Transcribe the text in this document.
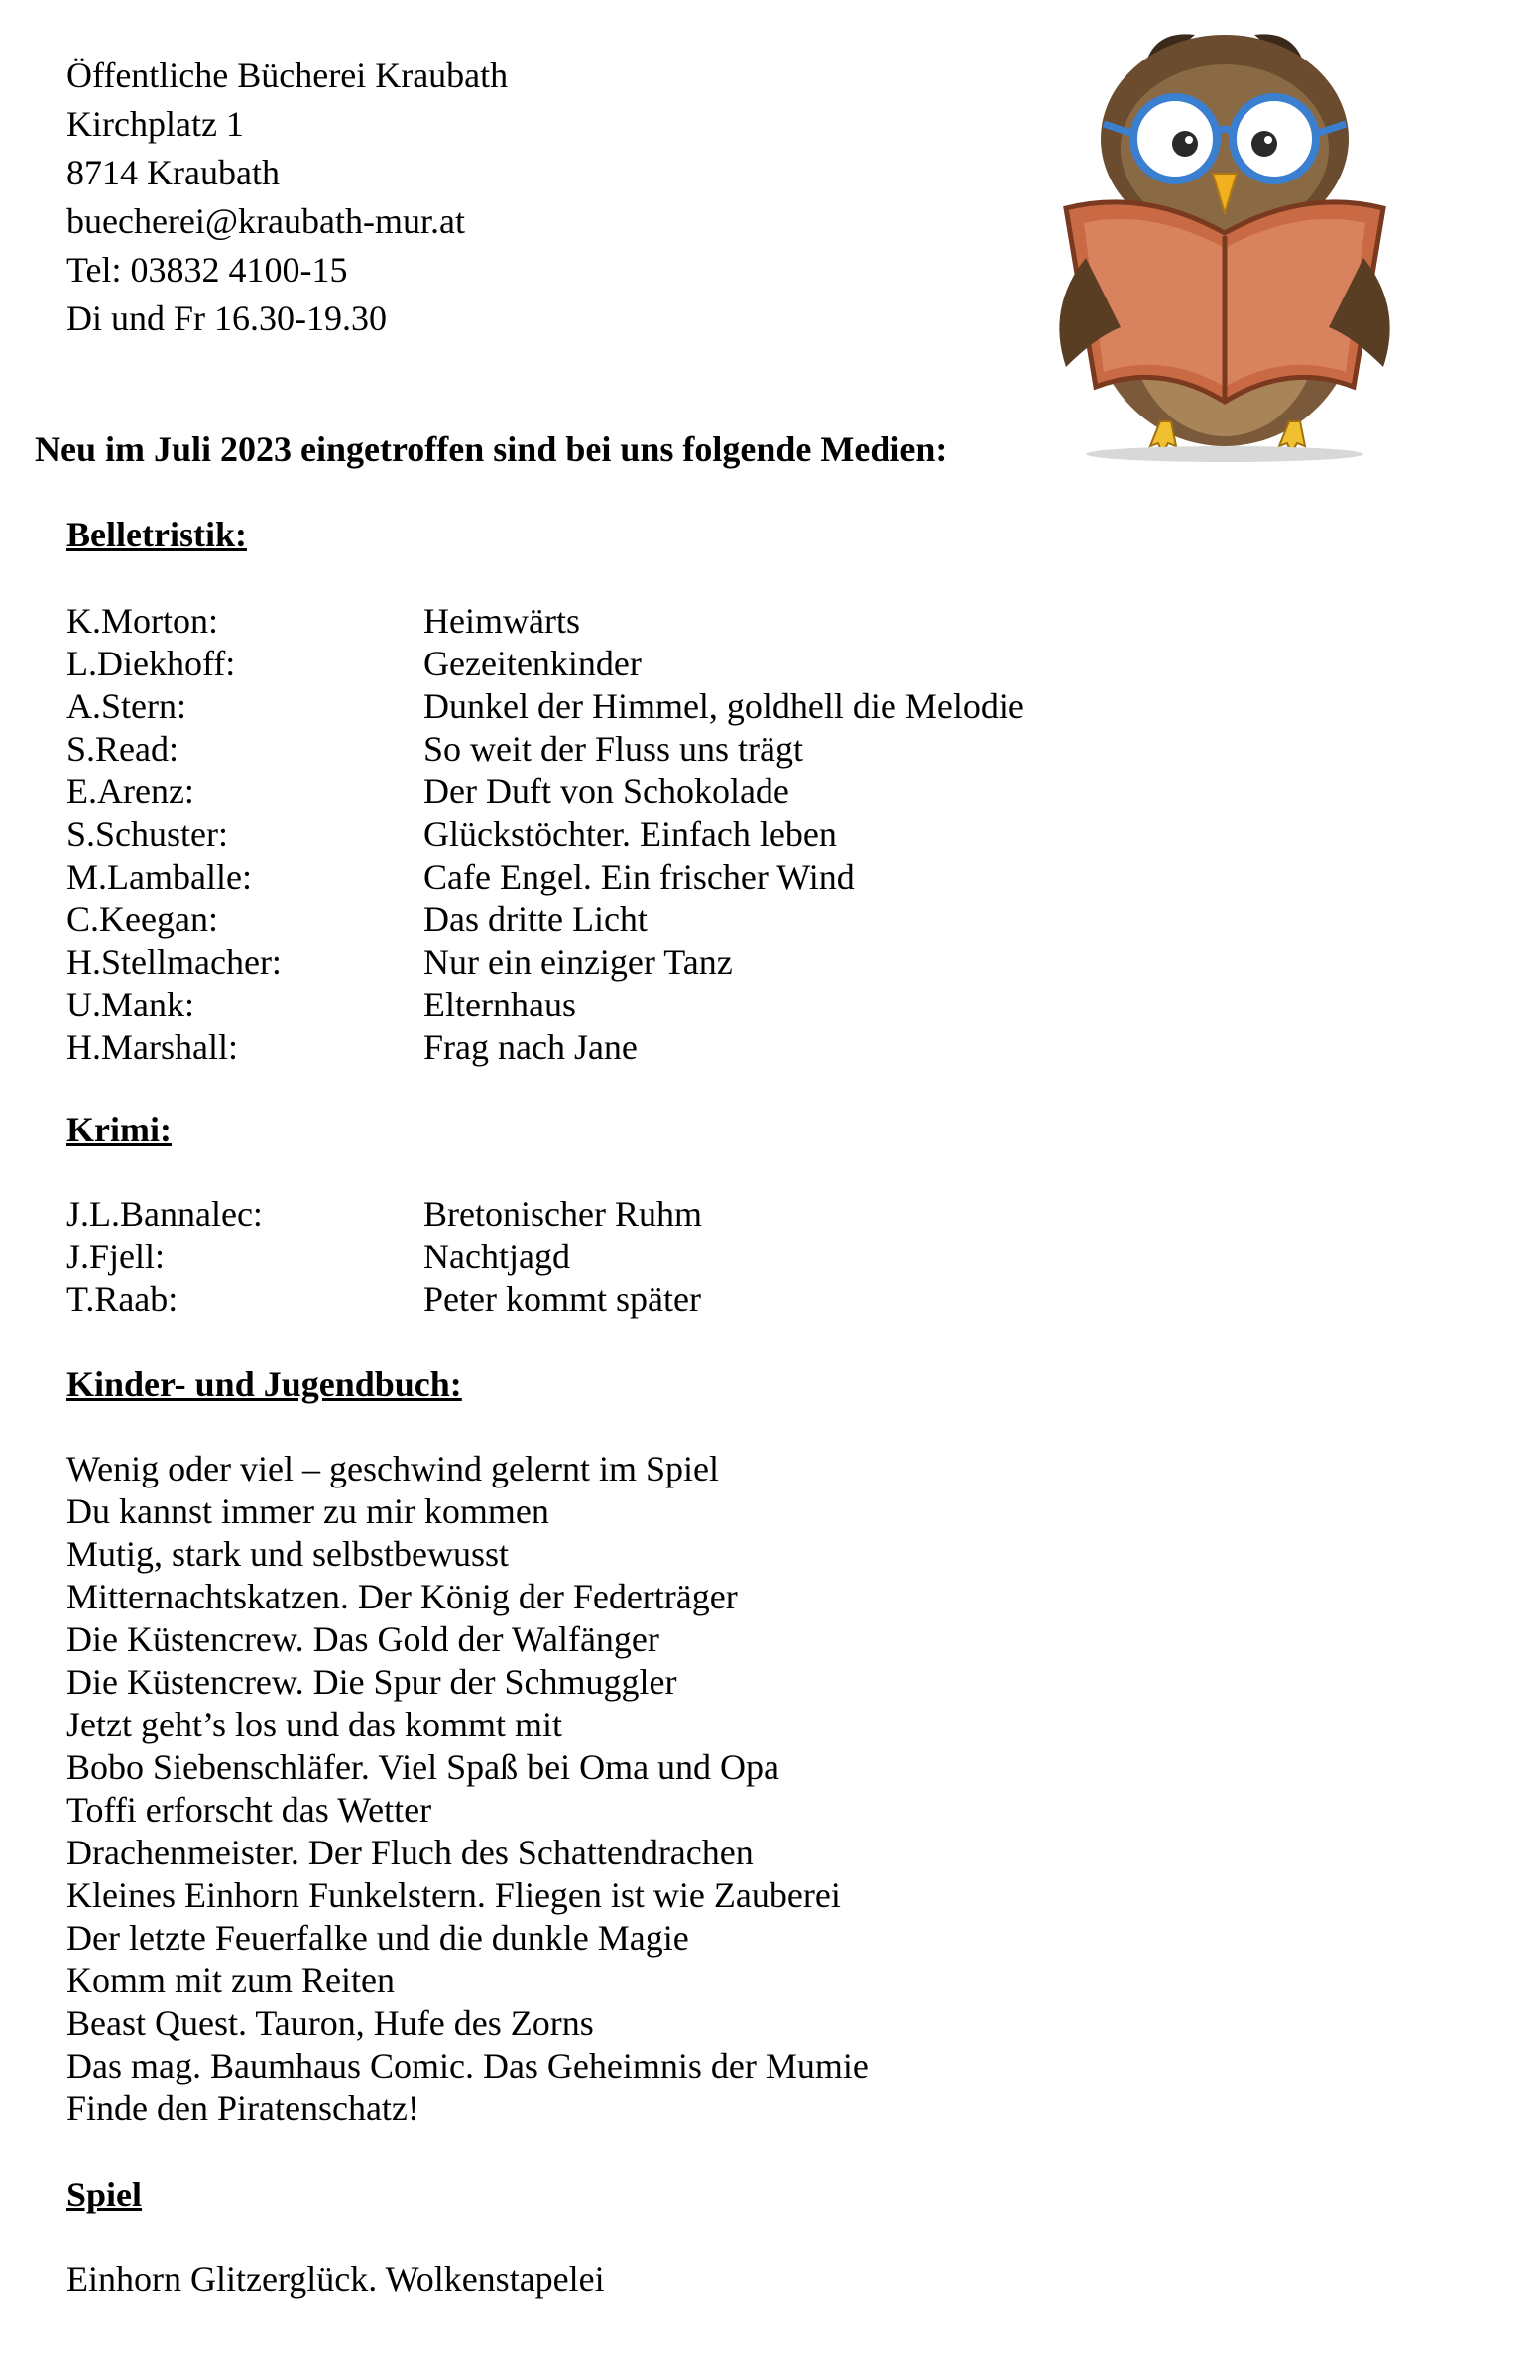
Öffentliche Bücherei Kraubath
Kirchplatz 1
8714 Kraubath
buecherei@kraubath-mur.at
Tel: 03832 4100-15
Di und Fr 16.30-19.30
Neu im Juli 2023 eingetroffen sind bei uns folgende Medien:
Belletristik:
K.Morton:	Heimwärts
L.Diekhoff:	Gezeitenkinder
A.Stern:	Dunkel der Himmel, goldhell die Melodie
S.Read:	So weit der Fluss uns trägt
E.Arenz:	Der Duft von Schokolade
S.Schuster:	Glückstöchter. Einfach leben
M.Lamballe:	Cafe Engel. Ein frischer Wind
C.Keegan:	Das dritte Licht
H.Stellmacher:	Nur ein einziger Tanz
U.Mank:	Elternhaus
H.Marshall:	Frag nach Jane
Krimi:
J.L.Bannalec:	Bretonischer Ruhm
J.Fjell:	Nachtjagd
T.Raab:	Peter kommt später
Kinder- und Jugendbuch:
Wenig oder viel – geschwind gelernt im Spiel
Du kannst immer zu mir kommen
Mutig, stark und selbstbewusst
Mitternachtskatzen. Der König der Federträger
Die Küstencrew. Das Gold der Walfänger
Die Küstencrew. Die Spur der Schmuggler
Jetzt geht’s los und das kommt mit
Bobo Siebenschläfer. Viel Spaß bei Oma und Opa
Toffi erforscht das Wetter
Drachenmeister. Der Fluch des Schattendrachen
Kleines Einhorn Funkelstern. Fliegen ist wie Zauberei
Der letzte Feuerfalke und die dunkle Magie
Komm mit zum Reiten
Beast Quest. Tauron, Hufe des Zorns
Das mag. Baumhaus Comic. Das Geheimnis der Mumie
Finde den Piratenschatz!
Spiel
Einhorn Glitzerglück. Wolkenstapelei
